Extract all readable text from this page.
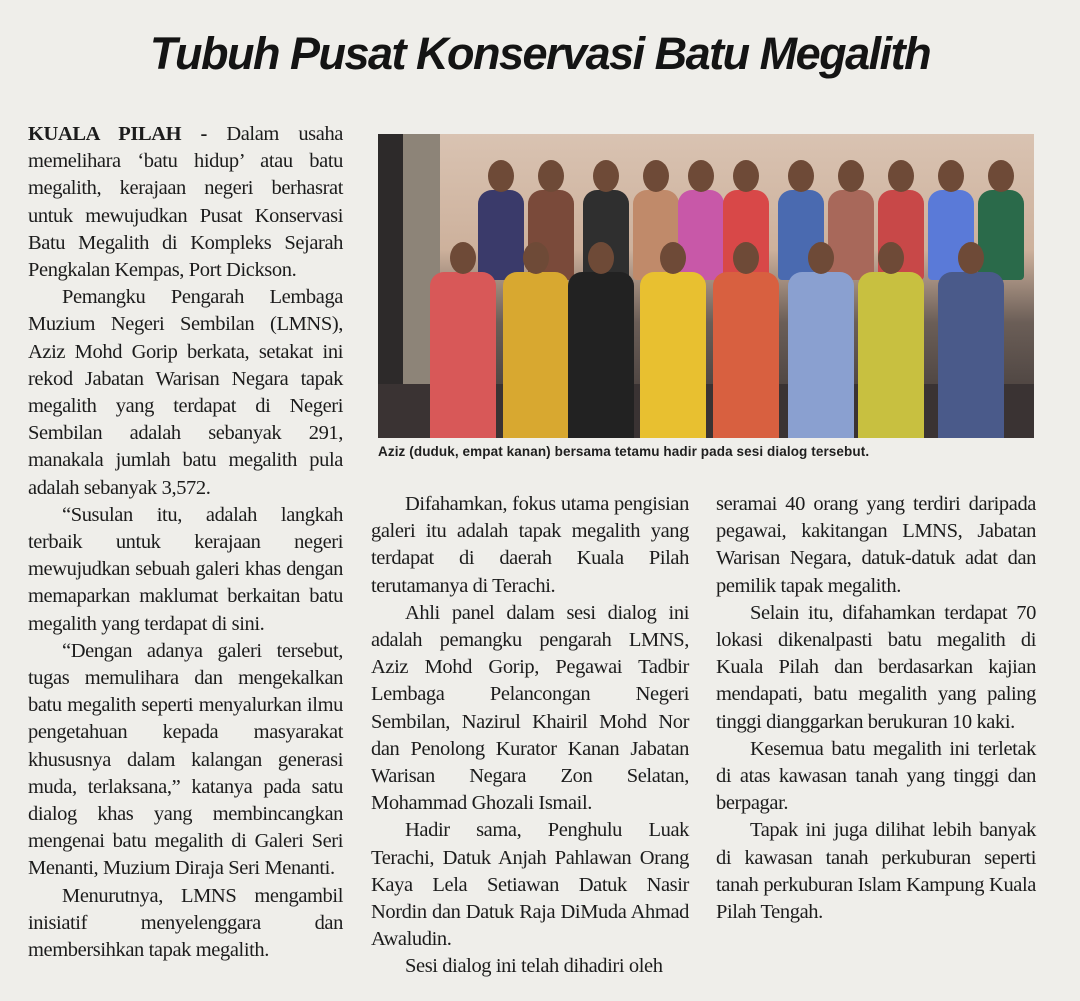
Tubuh Pusat Konservasi Batu Megalith

KUALA PILAH - Dalam usaha memelihara ‘batu hidup’ atau batu megalith, kerajaan negeri berhasrat untuk mewujudkan Pusat Konservasi Batu Megalith di Kompleks Sejarah Pengkalan Kempas, Port Dickson.

Pemangku Pengarah Lembaga Muzium Negeri Sembilan (LMNS), Aziz Mohd Gorip berkata, setakat ini rekod Jabatan Warisan Negara tapak megalith yang terdapat di Negeri Sembilan adalah sebanyak 291, manakala jumlah batu megalith pula adalah sebanyak 3,572.

“Susulan itu, adalah langkah terbaik untuk kerajaan negeri mewujudkan sebuah galeri khas dengan memaparkan maklumat berkaitan batu megalith yang terdapat di sini.

“Dengan adanya galeri tersebut, tugas memulihara dan mengekalkan batu megalith seperti menyalurkan ilmu pengetahuan kepada masyarakat khususnya dalam kalangan generasi muda, terlaksana,” katanya pada satu dialog khas yang membincangkan mengenai batu megalith di Galeri Seri Menanti, Muzium Diraja Seri Menanti.

Menurutnya, LMNS mengambil inisiatif menyelenggara dan membersihkan tapak megalith.

Aziz (duduk, empat kanan) bersama tetamu hadir pada sesi dialog tersebut.

Difahamkan, fokus utama pengisian galeri itu adalah tapak megalith yang terdapat di daerah Kuala Pilah terutamanya di Terachi.

Ahli panel dalam sesi dialog ini adalah pemangku pengarah LMNS, Aziz Mohd Gorip, Pegawai Tadbir Lembaga Pelancongan Negeri Sembilan, Nazirul Khairil Mohd Nor dan Penolong Kurator Kanan Jabatan Warisan Negara Zon Selatan, Mohammad Ghozali Ismail.

Hadir sama, Penghulu Luak Terachi, Datuk Anjah Pahlawan Orang Kaya Lela Setiawan Datuk Nasir Nordin dan Datuk Raja DiMuda Ahmad Awaludin.

Sesi dialog ini telah dihadiri oleh

seramai 40 orang yang terdiri daripada pegawai, kakitangan LMNS, Jabatan Warisan Negara, datuk-datuk adat dan pemilik tapak megalith.

Selain itu, difahamkan terdapat 70 lokasi dikenalpasti batu megalith di Kuala Pilah dan berdasarkan kajian mendapati, batu megalith yang paling tinggi dianggarkan berukuran 10 kaki.

Kesemua batu megalith ini terletak di atas kawasan tanah yang tinggi dan berpagar.

Tapak ini juga dilihat lebih banyak di kawasan tanah perkuburan seperti tanah perkuburan Islam Kampung Kuala Pilah Tengah.
